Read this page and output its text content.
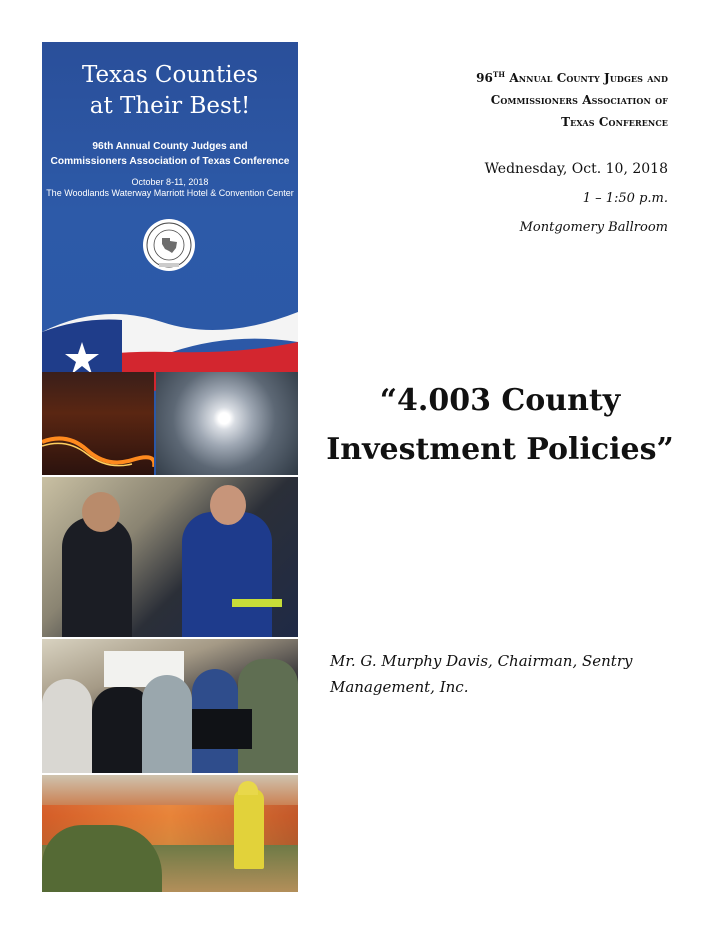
Texas Counties
at Their Best!
96th Annual County Judges and
Commissioners Association of Texas Conference
October 8-11, 2018
The Woodlands Waterway Marriott Hotel & Convention Center
96TH Annual County Judges and
Commissioners Association of
Texas Conference
Wednesday, Oct. 10, 2018
1 – 1:50 p.m.
Montgomery Ballroom
“4.003 County
Investment Policies”
Mr. G. Murphy Davis, Chairman, Sentry
Management, Inc.
